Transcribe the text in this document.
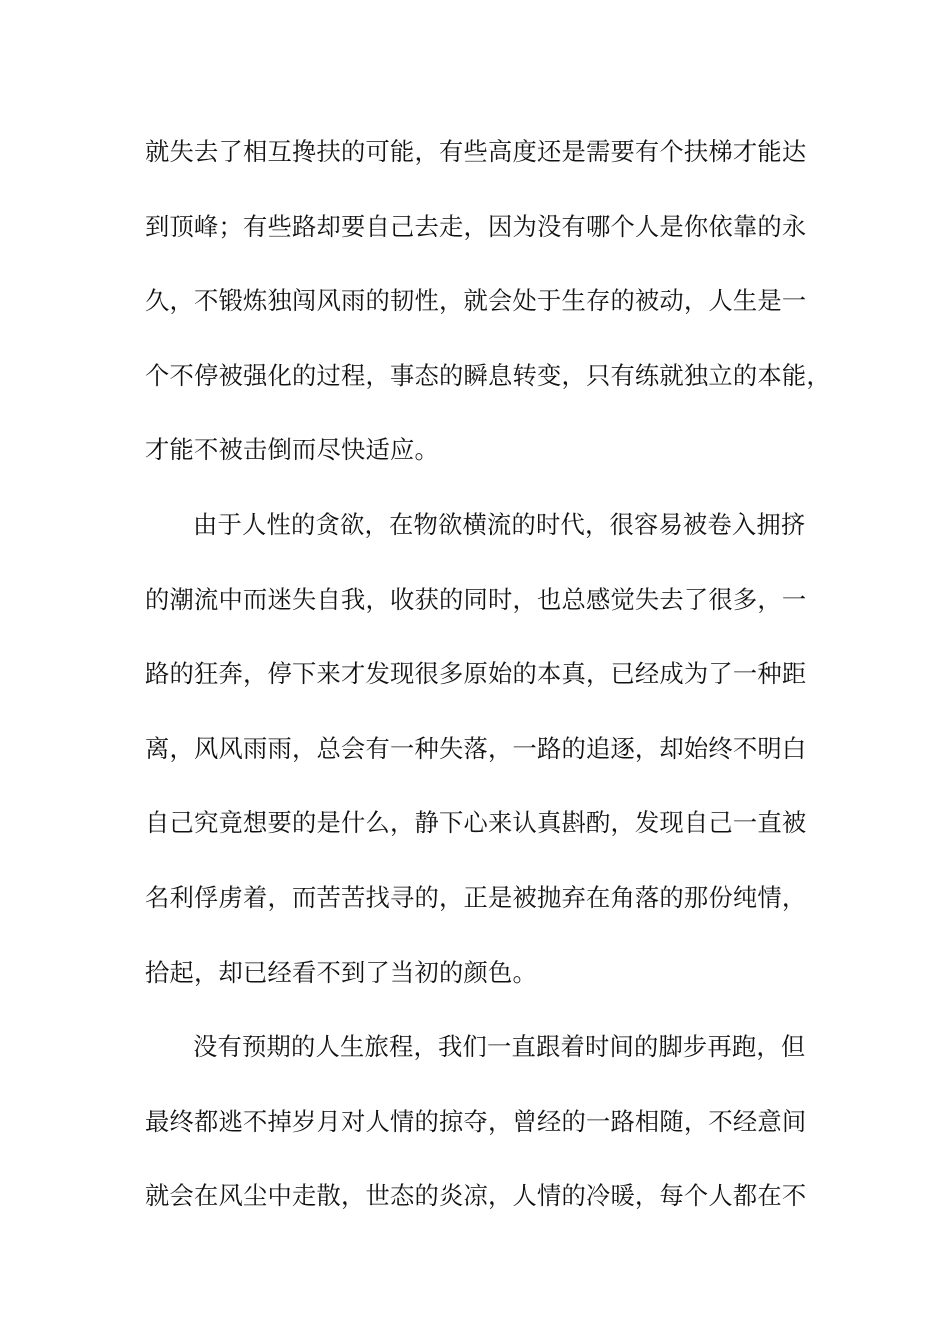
就失去了相互搀扶的可能，有些高度还是需要有个扶梯才能达
到顶峰；有些路却要自己去走，因为没有哪个人是你依靠的永
久，不锻炼独闯风雨的韧性，就会处于生存的被动，人生是一
个不停被强化的过程，事态的瞬息转变，只有练就独立的本能，
才能不被击倒而尽快适应。
由于人性的贪欲，在物欲横流的时代，很容易被卷入拥挤
的潮流中而迷失自我，收获的同时，也总感觉失去了很多，一
路的狂奔，停下来才发现很多原始的本真，已经成为了一种距
离，风风雨雨，总会有一种失落，一路的追逐，却始终不明白
自己究竟想要的是什么，静下心来认真斟酌，发现自己一直被
名利俘虏着，而苦苦找寻的，正是被抛弃在角落的那份纯情，
拾起，却已经看不到了当初的颜色。
没有预期的人生旅程，我们一直跟着时间的脚步再跑，但
最终都逃不掉岁月对人情的掠夺，曾经的一路相随，不经意间
就会在风尘中走散，世态的炎凉，人情的冷暖，每个人都在不
